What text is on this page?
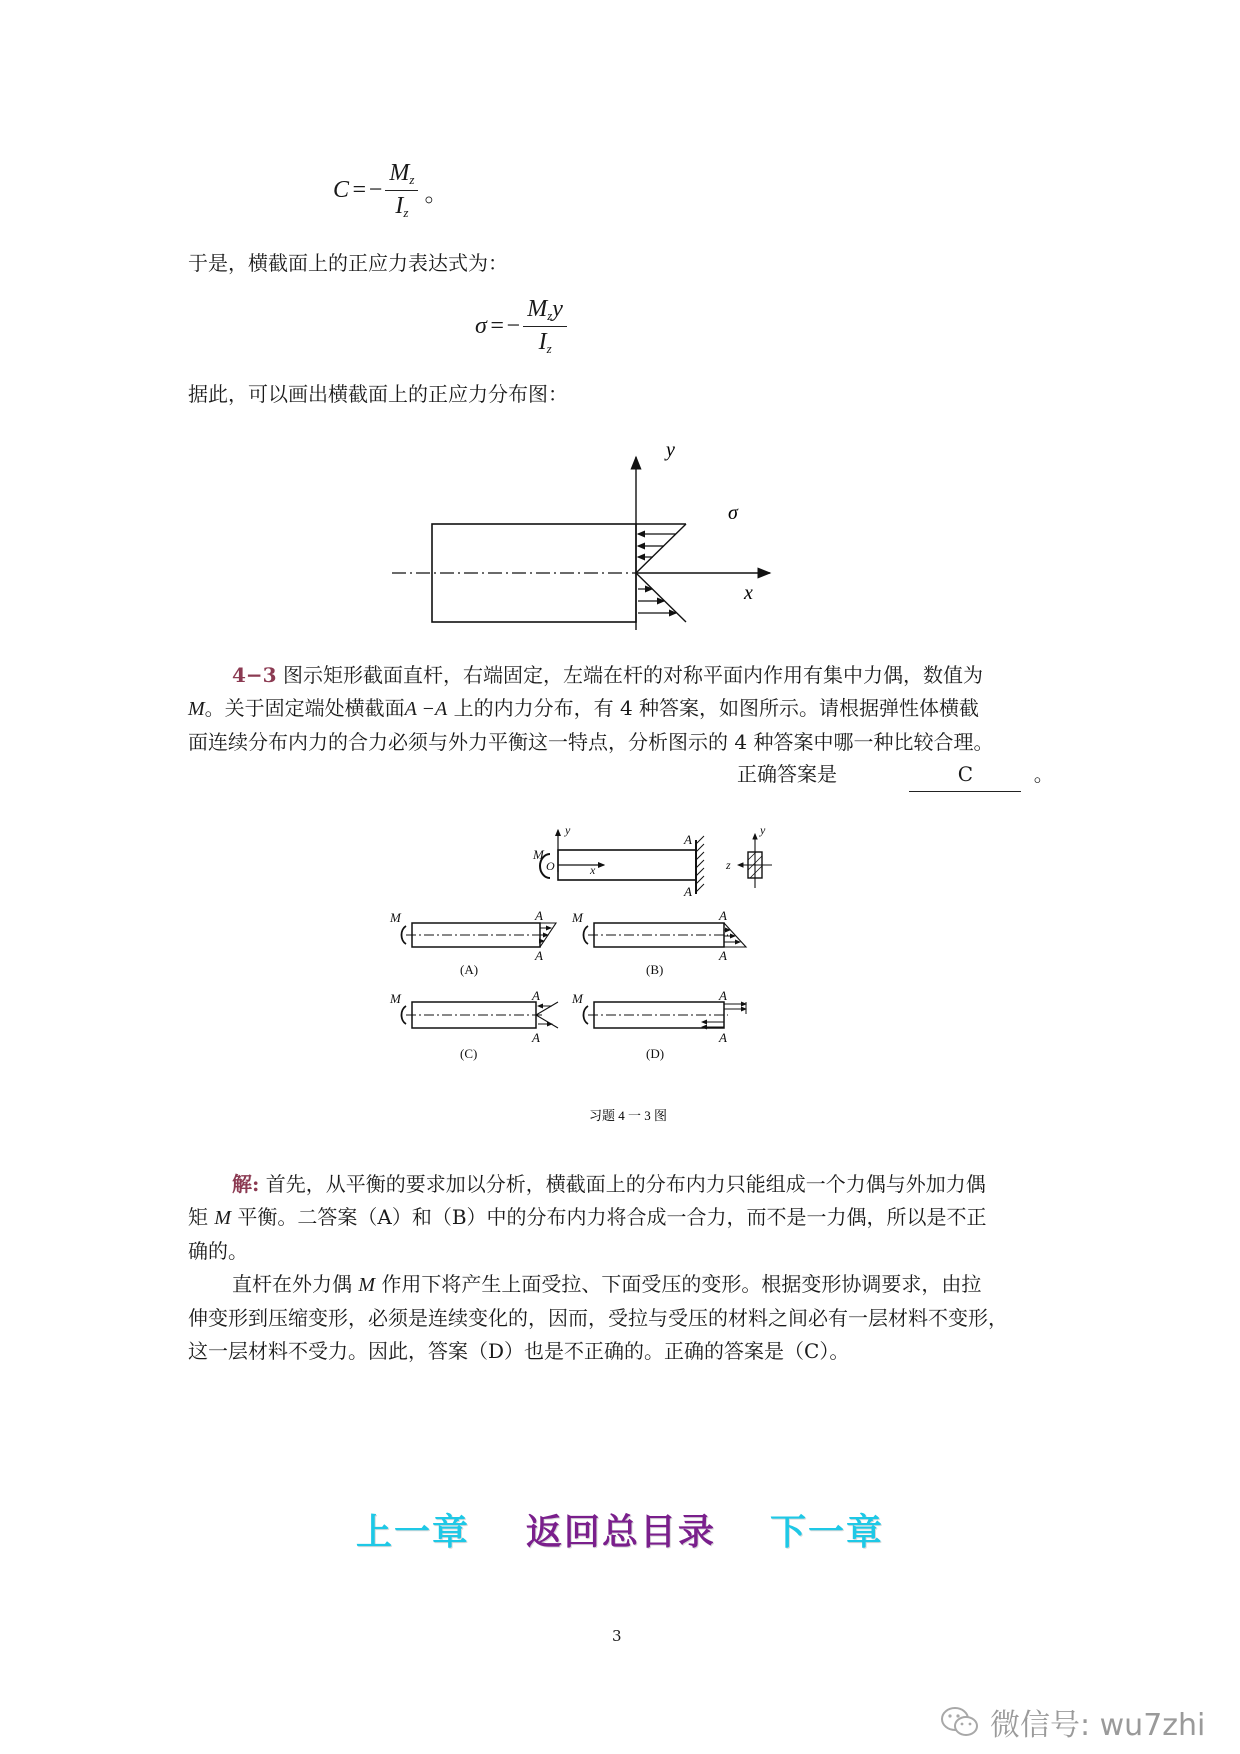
$C =- \frac{M_z}{I_z}$ 。
于是，横截面上的正应力表达式为：
$\sigma =- \frac{M_zy}{I_z}$
据此，可以画出横截面上的正应力分布图：
y
x
σ
4−3 图示矩形截面直杆，右端固定，左端在杆的对称平面内作用有集中力偶，数值为
M。关于固定端处横截面A −A 上的内力分布，有 4 种答案，如图所示。请根据弹性体横截
面连续分布内力的合力必须与外力平衡这一特点，分析图示的 4 种答案中哪一种比较合理。
正确答案是	C	。
M
O	x
y
A
A
y
z
M	A
A
(A)
M	A
A
(B)
M	A
A
(C)
M	A
A
(D)
习题 4 一 3 图
解: 首先，从平衡的要求加以分析，横截面上的分布内力只能组成一个力偶与外加力偶
矩 M 平衡。二答案（A）和（B）中的分布内力将合成一合力，而不是一力偶，所以是不正
确的。
直杆在外力偶 M 作用下将产生上面受拉、下面受压的变形。根据变形协调要求，由拉
伸变形到压缩变形，必须是连续变化的，因而，受拉与受压的材料之间必有一层材料不变形，
这一层材料不受力。因此，答案（D）也是不正确的。正确的答案是（C）。
上一章 返回总目录 下一章
3
微信号: wu7zhi
